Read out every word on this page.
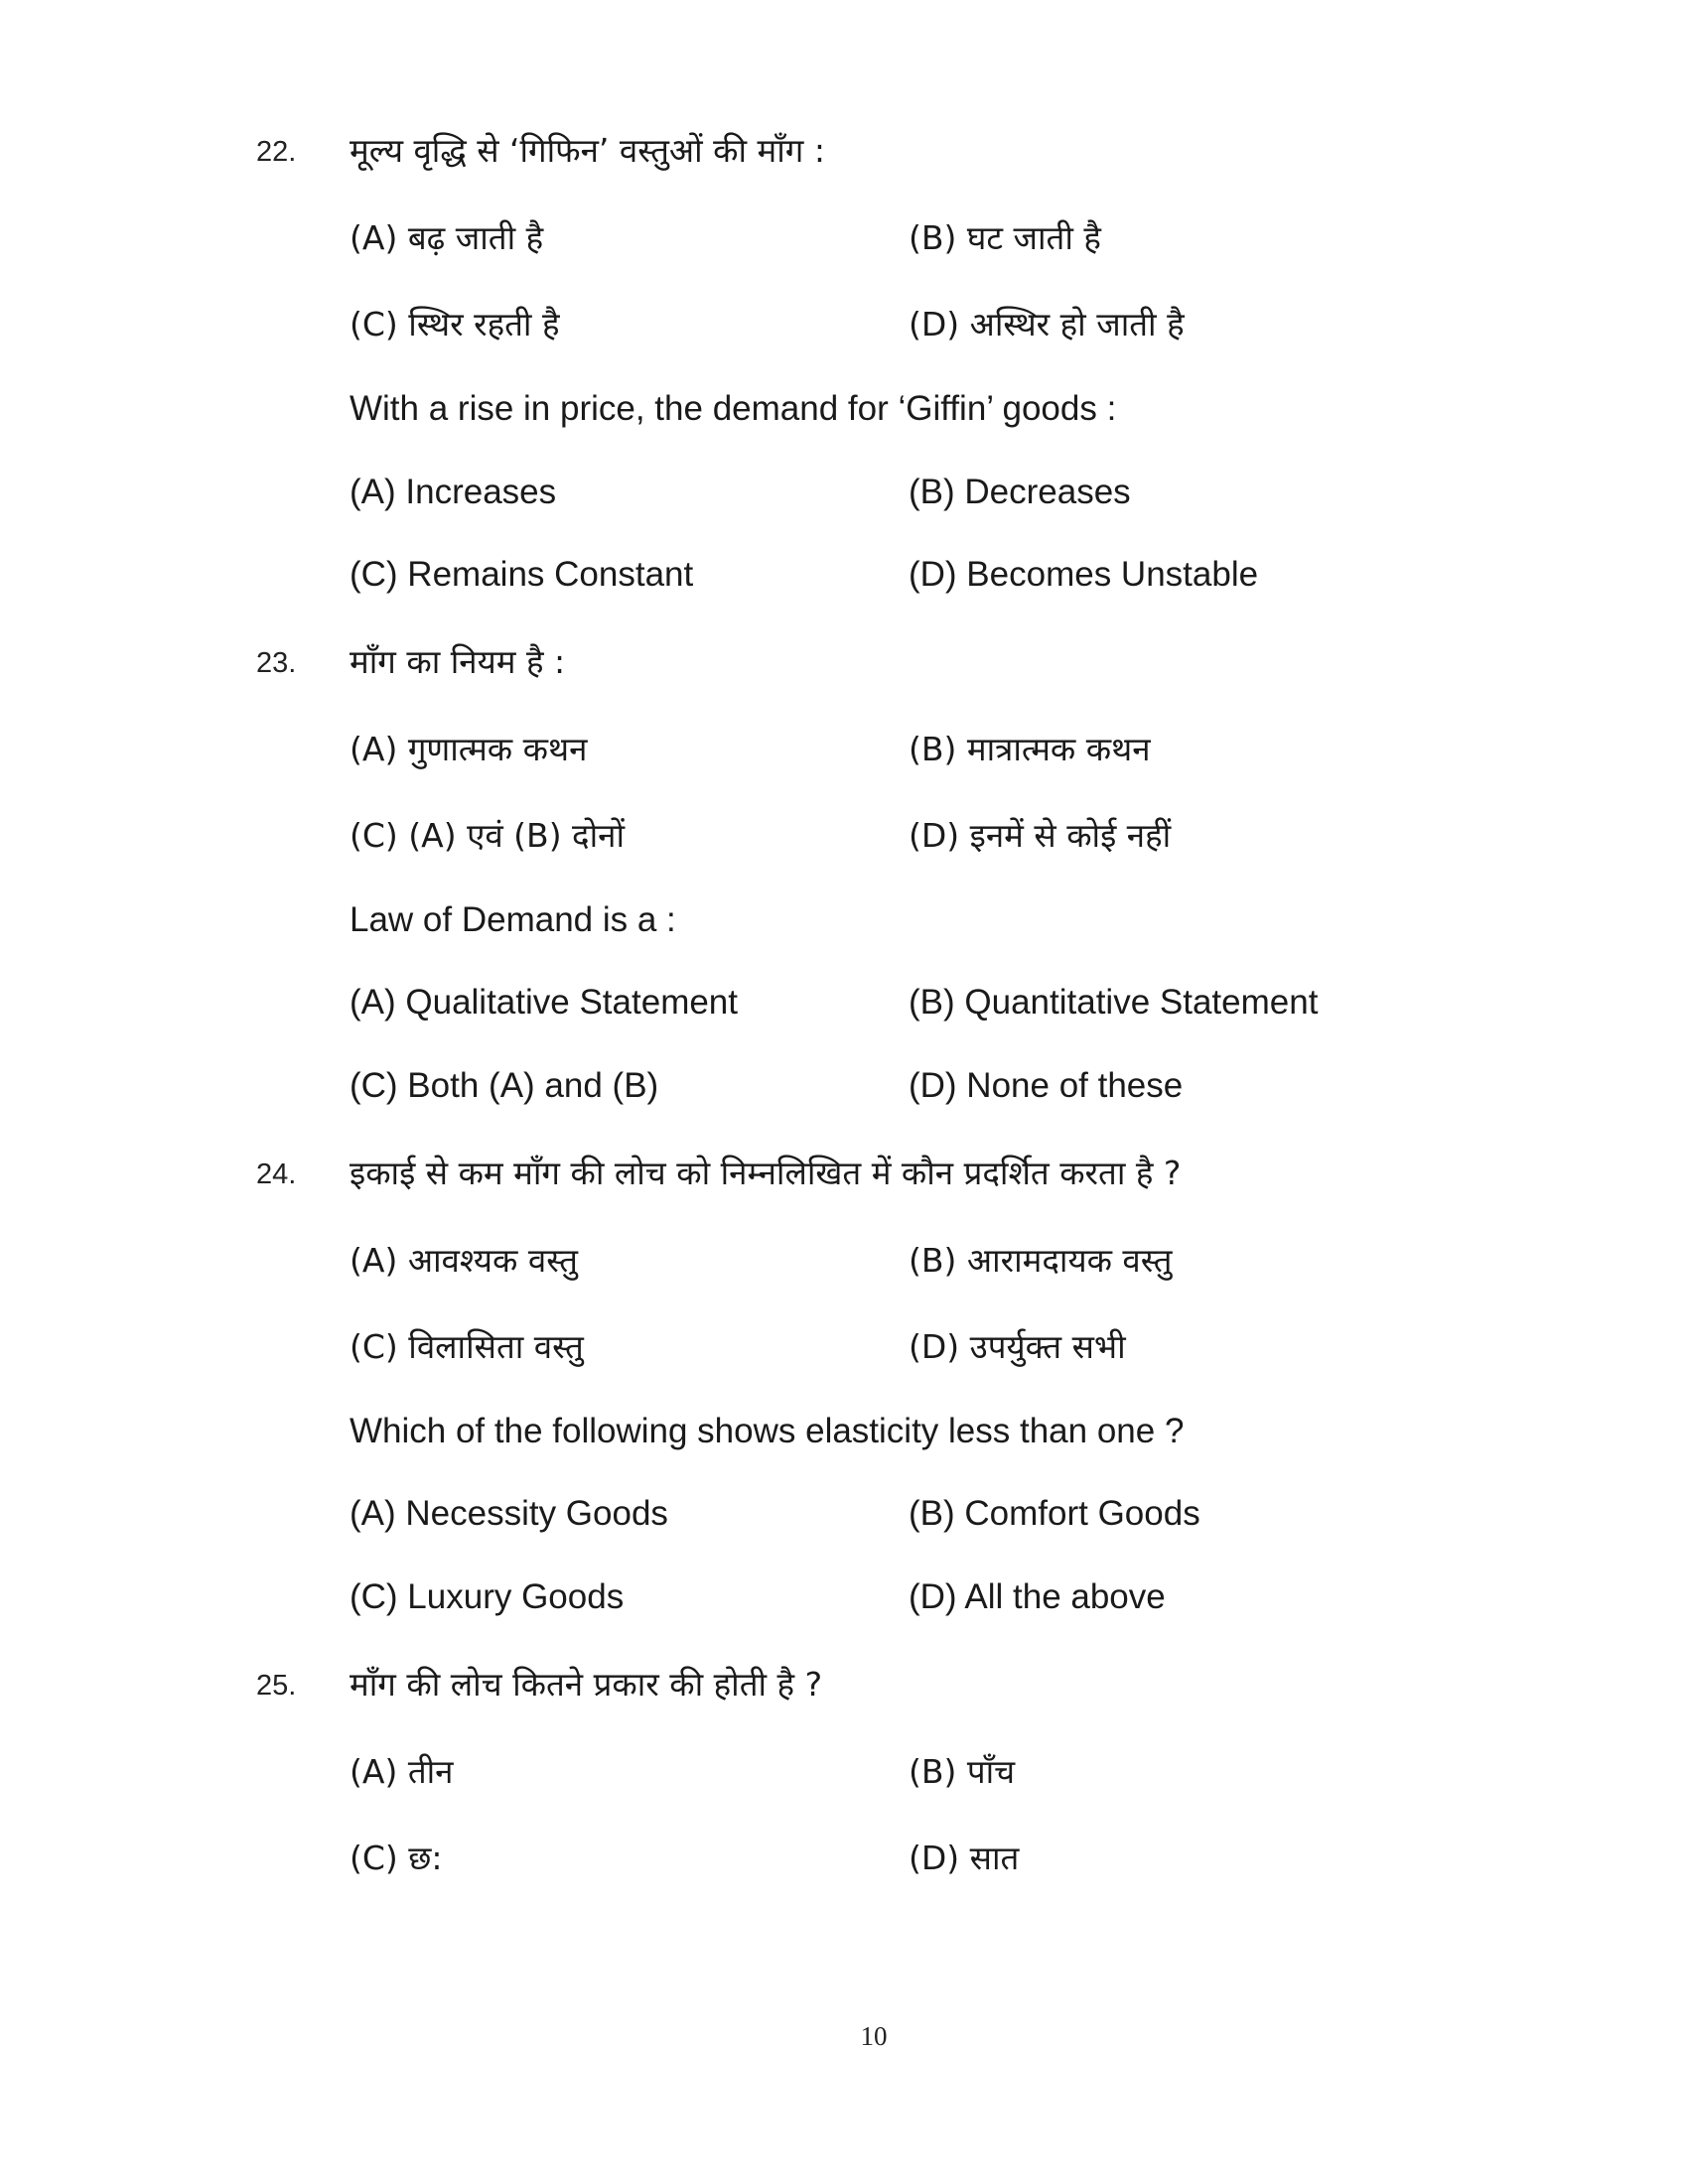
22. मूल्य वृद्धि से ‘गिफिन’ वस्तुओं की माँग :
(A) बढ़ जाती है	(B) घट जाती है
(C) स्थिर रहती है	(D) अस्थिर हो जाती है
With a rise in price, the demand for ‘Giffin’ goods :
(A) Increases	(B) Decreases
(C) Remains Constant	(D) Becomes Unstable
23. माँग का नियम है :
(A) गुणात्मक कथन	(B) मात्रात्मक कथन
(C) (A) एवं (B) दोनों	(D) इनमें से कोई नहीं
Law of Demand is a :
(A) Qualitative Statement	(B) Quantitative Statement
(C) Both (A) and (B)	(D) None of these
24. इकाई से कम माँग की लोच को निम्नलिखित में कौन प्रदर्शित करता है ?
(A) आवश्यक वस्तु	(B) आरामदायक वस्तु
(C) विलासिता वस्तु	(D) उपर्युक्त सभी
Which of the following shows elasticity less than one ?
(A) Necessity Goods	(B) Comfort Goods
(C) Luxury Goods	(D) All the above
25. माँग की लोच कितने प्रकार की होती है ?
(A) तीन	(B) पाँच
(C) छ:	(D) सात
10
